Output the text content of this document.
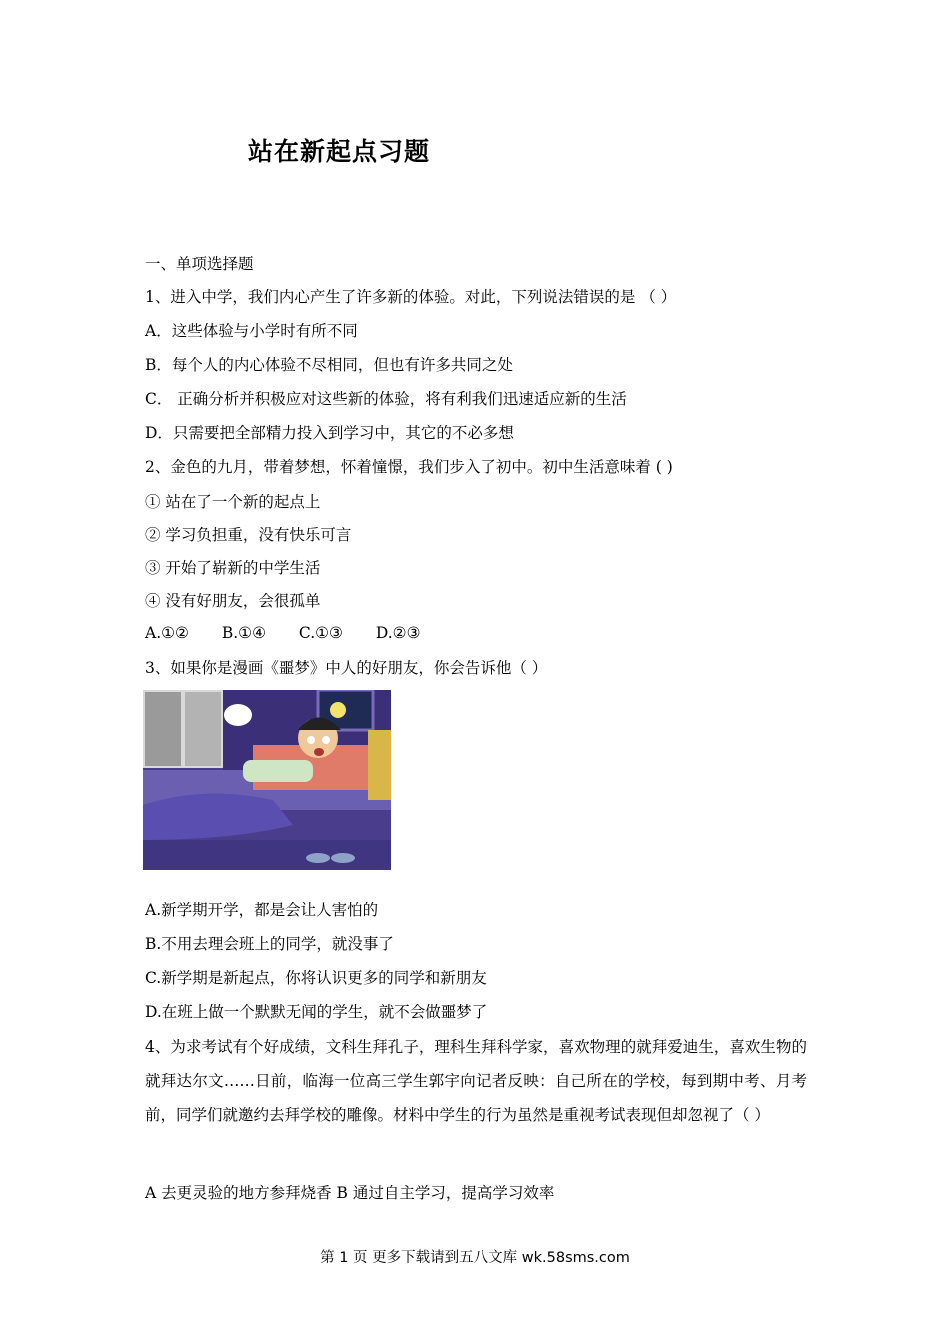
站在新起点习题
一、单项选择题
1、进入中学，我们内心产生了许多新的体验。对此，下列说法错误的是 （ ）
A．这些体验与小学时有所不同
B．每个人的内心体验不尽相同，但也有许多共同之处
C． 正确分析并积极应对这些新的体验，将有利我们迅速适应新的生活
D．只需要把全部精力投入到学习中，其它的不必多想
2、金色的九月，带着梦想，怀着憧憬，我们步入了初中。初中生活意味着 ( )
① 站在了一个新的起点上
② 学习负担重，没有快乐可言
③ 开始了崭新的中学生活
④ 没有好朋友，会很孤单
A.①② B.①④ C.①③ D.②③
3、如果你是漫画《噩梦》中人的好朋友，你会告诉他（ ）
A.新学期开学，都是会让人害怕的
B.不用去理会班上的同学，就没事了
C.新学期是新起点，你将认识更多的同学和新朋友
D.在班上做一个默默无闻的学生，就不会做噩梦了
4、为求考试有个好成绩，文科生拜孔子，理科生拜科学家，喜欢物理的就拜爱迪生，喜欢生物的就拜达尔文……日前，临海一位高三学生郭宇向记者反映：自己所在的学校，每到期中考、月考前，同学们就邀约去拜学校的雕像。材料中学生的行为虽然是重视考试表现但却忽视了（ ）
A 去更灵验的地方参拜烧香 B 通过自主学习，提高学习效率
第 1 页 更多下载请到五八文库 wk.58sms.com
